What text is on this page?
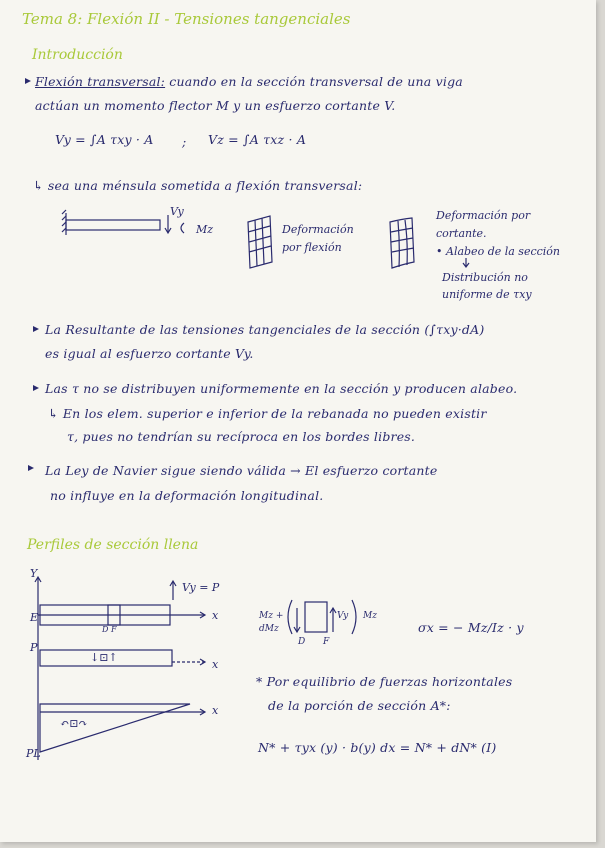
Tema 8: Flexión II - Tensiones tangenciales
Introducción
Flexión transversal: cuando en la sección transversal de una viga
actúan un momento flector M y un esfuerzo cortante V.
Vy = ∫A τxy · A ; Vz = ∫A τxz · A
↳ sea una ménsula sometida a flexión transversal:
Vy
Mz	Deformación
por flexión
Deformación por
cortante.
• Alabeo de la sección
Distribución no
uniforme de τxy
La Resultante de las tensiones tangenciales de la sección (∫τxy·dA)
es igual al esfuerzo cortante Vy.
Las τ no se distribuyen uniformemente en la sección y producen alabeo.
↳ En los elem. superior e inferior de la rebanada no pueden existir
τ, pues no tendrían su recíproca en los bordes libres.
La Ley de Navier sigue siendo válida → El esfuerzo cortante
no influye en la deformación longitudinal.
Perfiles de sección llena
Y
Vy = P
x
E
D F
P
↓⊡↑
x
x
↶⊡↷
PL
Mz +
dMz
Vy Mz
D F
σx = − Mz/Iz · y
* Por equilibrio de fuerzas horizontales
de la porción de sección A*:
N* + τyx (y) · b(y) dx = N* + dN* (I)
